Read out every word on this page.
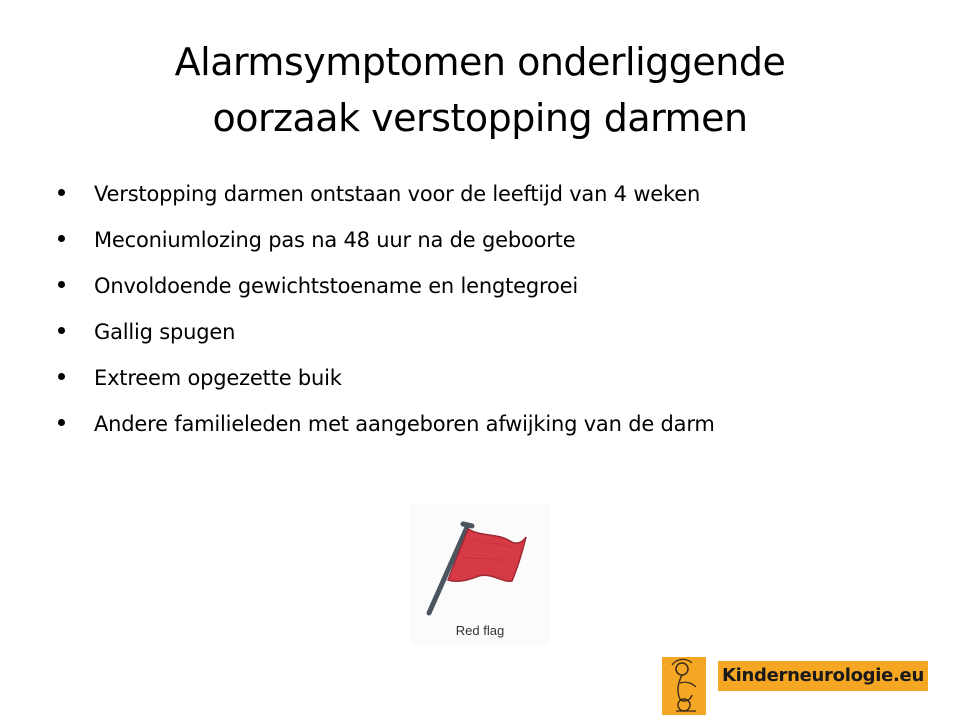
Alarmsymptomen onderliggende
oorzaak verstopping darmen
Verstopping darmen ontstaan voor de leeftijd van 4 weken
Meconiumlozing pas na 48 uur na de geboorte
Onvoldoende gewichtstoename en lengtegroei
Gallig spugen
Extreem opgezette buik
Andere familieleden met aangeboren afwijking van de darm
Red flag
Kinderneurologie.eu
